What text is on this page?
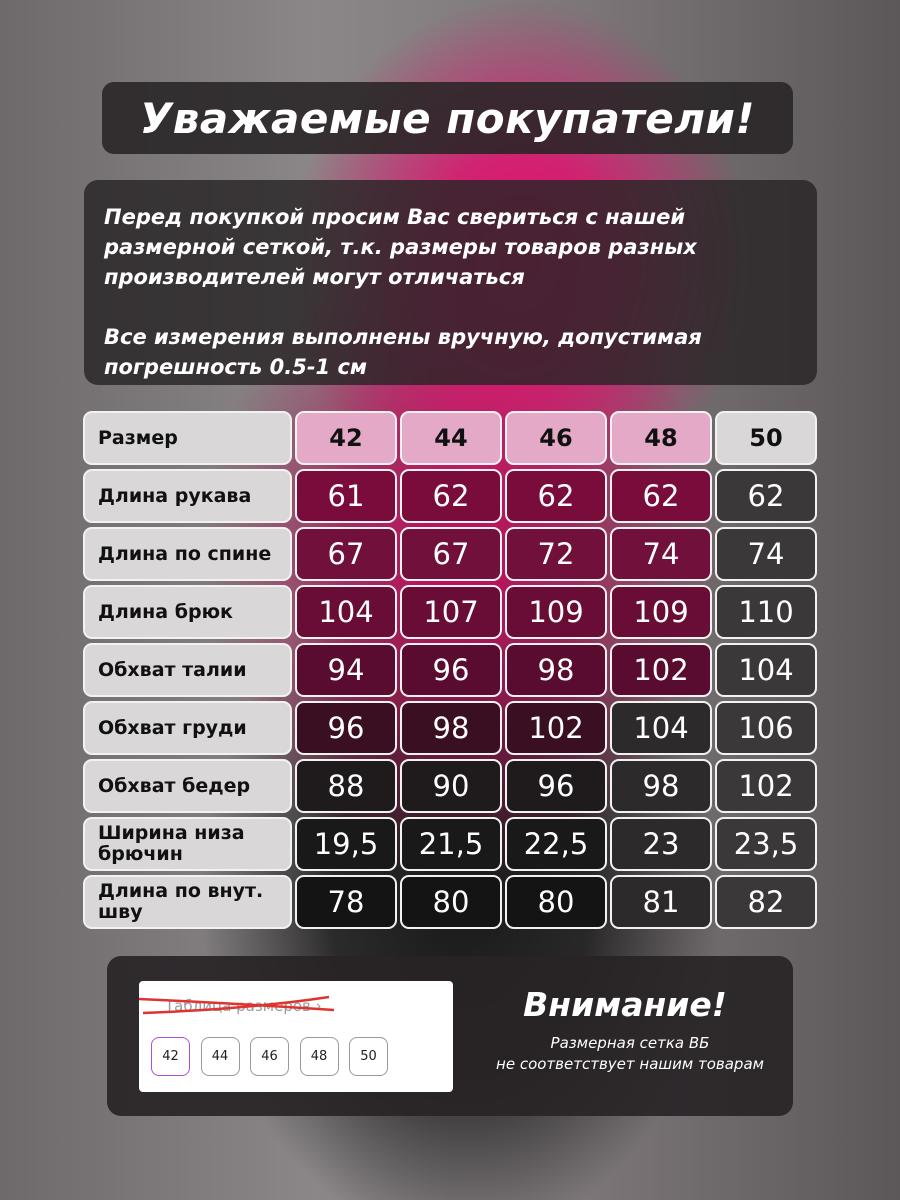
Уважаемые покупатели!

Перед покупкой просим Вас свериться с нашей
размерной сеткой, т.к. размеры товаров разных
производителей могут отличаться

Все измерения выполнены вручную, допустимая
погрешность 0.5-1 см

Размер	42	44	46	48	50
Длина рукава	61	62	62	62	62
Длина по спине	67	67	72	74	74
Длина брюк	104	107	109	109	110
Обхват талии	94	96	98	102	104
Обхват груди	96	98	102	104	106
Обхват бедер	88	90	96	98	102
Ширина низа брючин	19,5	21,5	22,5	23	23,5
Длина по внут. шву	78	80	80	81	82
Таблица размеров ›
42	44	46	48	50
Внимание!
Размерная сетка ВБ
не соответствует нашим товарам
